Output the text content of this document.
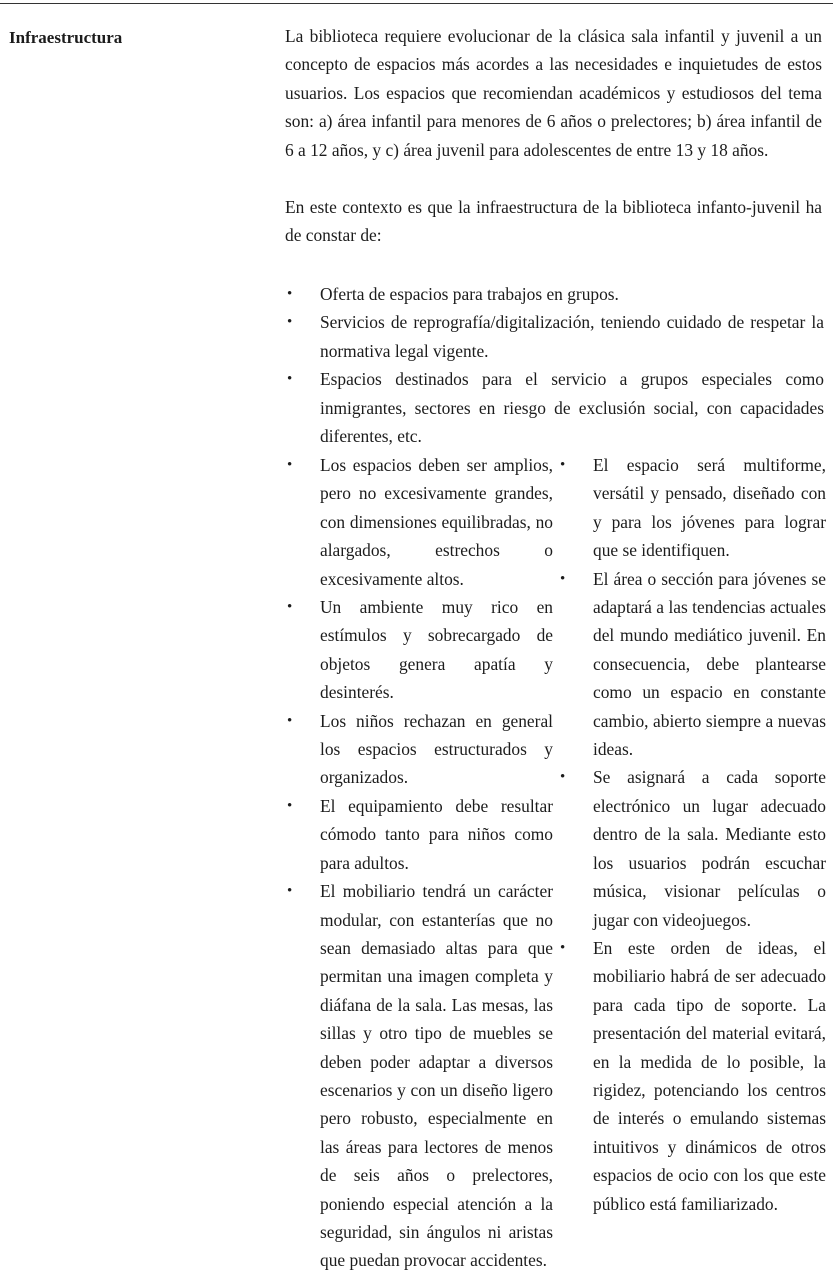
Infraestructura	La biblioteca requiere evolucionar de la clásica sala infantil y juvenil a un concepto de espacios más acordes a las necesidades e inquietudes de estos usuarios. Los espacios que recomiendan académicos y estudiosos del tema son: a) área infantil para menores de 6 años o prelectores; b) área infantil de 6 a 12 años, y c) área juvenil para adolescentes de entre 13 y 18 años.

En este contexto es que la infraestructura de la biblioteca infanto-juvenil ha de constar de:

• Oferta de espacios para trabajos en grupos.
• Servicios de reprografía/digitalización, teniendo cuidado de respetar la normativa legal vigente.
• Espacios destinados para el servicio a grupos especiales como inmigrantes, sectores en riesgo de exclusión social, con capacidades diferentes, etc.
• Los espacios deben ser amplios, pero no excesivamente grandes, con dimensiones equilibradas, no alargados, estrechos o excesivamente altos.
• Un ambiente muy rico en estímulos y sobrecargado de objetos genera apatía y desinterés.
• Los niños rechazan en general los espacios estructurados y organizados.
• El equipamiento debe resultar cómodo tanto para niños como para adultos.
• El mobiliario tendrá un carácter modular, con estanterías que no sean demasiado altas para que permitan una imagen completa y diáfana de la sala. Las mesas, las sillas y otro tipo de muebles se deben poder adaptar a diversos escenarios y con un diseño ligero pero robusto, especialmente en las áreas para lectores de menos de seis años o prelectores, poniendo especial atención a la seguridad, sin ángulos ni aristas que puedan provocar accidentes.
• El espacio será multiforme, versátil y pensado, diseñado con y para los jóvenes para lograr que se identifiquen.
• El área o sección para jóvenes se adaptará a las tendencias actuales del mundo mediático juvenil. En consecuencia, debe plantearse como un espacio en constante cambio, abierto siempre a nuevas ideas.
• Se asignará a cada soporte electrónico un lugar adecuado dentro de la sala. Mediante esto los usuarios podrán escuchar música, visionar películas o jugar con videojuegos.
• En este orden de ideas, el mobiliario habrá de ser adecuado para cada tipo de soporte. La presentación del material evitará, en la medida de lo posible, la rigidez, potenciando los centros de interés o emulando sistemas intuitivos y dinámicos de otros espacios de ocio con los que este público está familiarizado.
